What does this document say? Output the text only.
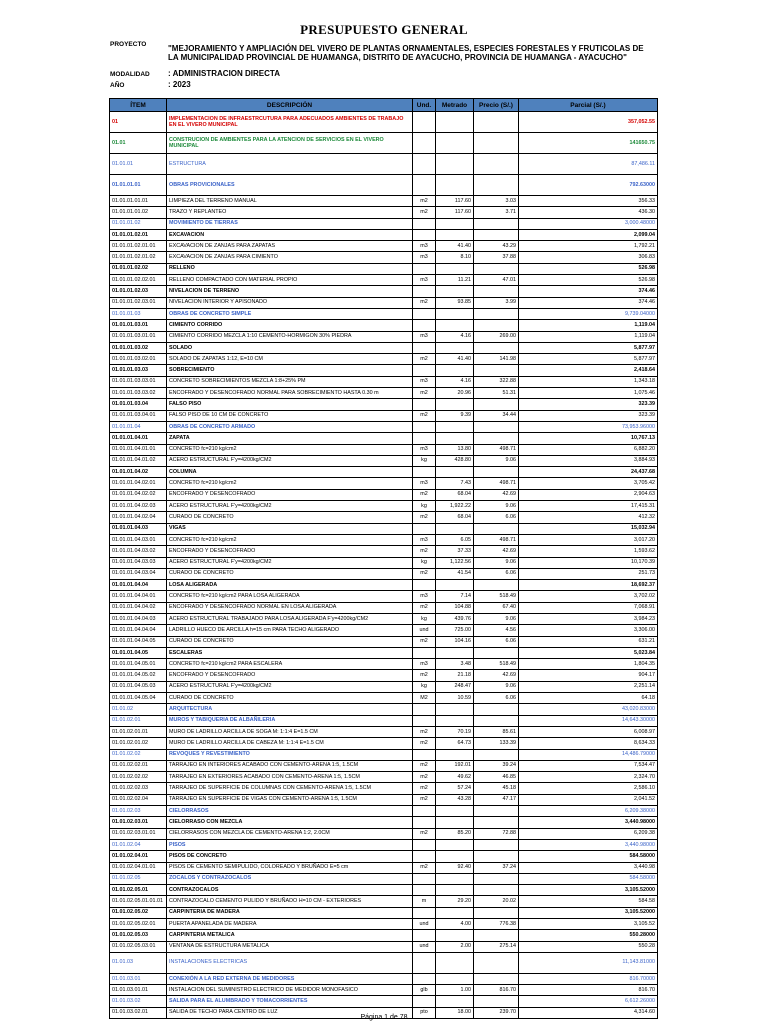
PRESUPUESTO GENERAL
PROYECTO	"MEJORAMIENTO Y AMPLIACIÓN DEL VIVERO DE PLANTAS ORNAMENTALES, ESPECIES FORESTALES Y FRUTICOLAS DE LA MUNICIPALIDAD PROVINCIAL DE HUAMANGA, DISTRITO DE AYACUCHO, PROVINCIA DE HUAMANGA - AYACUCHO"
MODALIDAD : ADMINISTRACION DIRECTA
AÑO	: 2023
ÍTEM	DESCRIPCIÓN	Und.	Metrado	Precio (S/.)	Parcial (S/.)
01	IMPLEMENTACION DE INFRAESTRCUTURA PARA ADECUADOS AMBIENTES DE TRABAJO EN EL VIVERO MUNICIPAL				357,052.55
01.01	CONSTRUCION DE AMBIENTES PARA LA ATENCION DE SERVICIOS EN EL VIVERO MUNICIPAL				141650.75
01.01.01	ESTRUCTURA				87,486.11
01.01.01.01	OBRAS PROVICIONALES				792.63000
01.01.01.01.01	LIMPIEZA DEL TERRENO MANUAL	m2	117.60	3.03	356.33
01.01.01.01.02	TRAZO Y REPLANTEO	m2	117.60	3.71	436.30
01.01.01.02	MOVIMIENTO DE TIERRAS				3,000.48000
01.01.01.02.01	EXCAVACION				2,099.04
01.01.01.02.01.01	EXCAVACION DE ZANJAS PARA ZAPATAS	m3	41.40	43.29	1,792.21
01.01.01.02.01.02	EXCAVACION DE ZANJAS PARA CIMIENTO	m3	8.10	37.88	306.83
01.01.01.02.02	RELLENO				526.98
01.01.01.02.02.01	RELLENO COMPACTADO CON MATERIAL PROPIO	m3	11.21	47.01	526.98
01.01.01.02.03	NIVELACION DE TERRENO				374.46
01.01.01.02.03.01	NIVELACION INTERIOR Y APISONADO	m2	93.85	3.99	374.46
01.01.01.03	OBRAS DE CONCRETO SIMPLE				9,739.04000
01.01.01.03.01	CIMIENTO CORRIDO				1,119.04
01.01.01.03.01.01	CIMIENTO CORRIDO MEZCLA 1:10 CEMENTO-HORMIGON 30% PIEDRA	m3	4.16	269.00	1,119.04
01.01.01.03.02	SOLADO				5,877.97
01.01.01.03.02.01	SOLADO DE ZAPATAS 1:12, E=10 CM	m2	41.40	141.98	5,877.97
01.01.01.03.03	SOBRECIMIENTO				2,418.64
01.01.01.03.03.01	CONCRETO SOBRECIMIENTOS MEZCLA 1:8+25% PM	m3	4.16	322.88	1,343.18
01.01.01.03.03.02	ENCOFRADO Y DESENCOFRADO NORMAL PARA SOBRECIMIENTO HASTA 0.30 m	m2	20.96	51.31	1,075.46
01.01.01.03.04	FALSO PISO				323.39
01.01.01.03.04.01	FALSO PISO DE 10 CM DE CONCRETO	m2	9.39	34.44	323.39
01.01.01.04	OBRAS DE CONCRETO ARMADO				73,953.96000
01.01.01.04.01	ZAPATA				10,767.13
01.01.01.04.01.01	CONCRETO fc=210 kg/cm2	m3	13.80	498.71	6,882.20
01.01.01.04.01.02	ACERO ESTRUCTURAL F'y=4200kg/CM2	kg	428.80	9.06	3,884.93
01.01.01.04.02	COLUMNA				24,437.68
01.01.01.04.02.01	CONCRETO fc=210 kg/cm2	m3	7.43	498.71	3,705.42
01.01.01.04.02.02	ENCOFRADO Y DESENCOFRADO	m2	68.04	42.69	2,904.63
01.01.01.04.02.03	ACERO ESTRUCTURAL F'y=4200kg/CM2	kg	1,922.22	9.06	17,415.31
01.01.01.04.02.04	CURADO DE CONCRETO	m2	68.04	6.06	412.32
01.01.01.04.03	VIGAS				15,032.94
01.01.01.04.03.01	CONCRETO fc=210 kg/cm2	m3	6.05	498.71	3,017.20
01.01.01.04.03.02	ENCOFRADO Y DESENCOFRADO	m2	37.33	42.69	1,593.62
01.01.01.04.03.03	ACERO ESTRUCTURAL F'y=4200kg/CM2	kg	1,122.56	9.06	10,170.39
01.01.01.04.03.04	CURADO DE CONCRETO	m2	41.54	6.06	251.73
01.01.01.04.04	LOSA ALIGERADA				18,692.37
01.01.01.04.04.01	CONCRETO fc=210 kg/cm2 PARA LOSA ALIGERADA	m3	7.14	518.49	3,702.02
01.01.01.04.04.02	ENCOFRADO Y DESENCOFRADO NORMAL EN LOSA ALIGERADA	m2	104.88	67.40	7,068.91
01.01.01.04.04.03	ACERO ESTRUCTURAL TRABAJADO PARA LOSA ALIGERADA F'y=4200kg/CM2	kg	439.76	9.06	3,984.23
01.01.01.04.04.04	LADRILLO HUECO DE ARCILLA h=15 cm PARA TECHO ALIGERADO	und	725.00	4.56	3,306.00
01.01.01.04.04.05	CURADO DE CONCRETO	m2	104.16	6.06	631.21
01.01.01.04.05	ESCALERAS				5,023.84
01.01.01.04.05.01	CONCRETO fc=210 kg/cm2 PARA ESCALERA	m3	3.48	518.49	1,804.35
01.01.01.04.05.02	ENCOFRADO Y DESENCOFRADO	m2	21.18	42.69	904.17
01.01.01.04.05.03	ACERO ESTRUCTURAL F'y=4200kg/CM2	kg	248.47	9.06	2,251.14
01.01.01.04.05.04	CURADO DE CONCRETO	M2	10.59	6.06	64.18
01.01.02	ARQUITECTURA				43,020.83000
01.01.02.01	MUROS Y TABIQUERIA DE ALBAÑILERIA				14,643.30000
01.01.02.01.01	MURO DE LADRILLO ARCILLA DE SOGA M: 1:1:4 E=1.5 CM	m2	70.19	85.61	6,008.97
01.01.02.01.02	MURO DE LADRILLO ARCILLA DE CABEZA M: 1:1:4 E=1.5 CM	m2	64.73	133.39	8,634.33
01.01.02.02	REVOQUES Y REVESTIMIENTO				14,486.79000
01.01.02.02.01	TARRAJEO EN INTERIORES ACABADO CON CEMENTO-ARENA 1:5, 1.5CM	m2	192.01	39.24	7,534.47
01.01.02.02.02	TARRAJEO EN EXTERIORES ACABADO CON CEMENTO-ARENA 1:5, 1.5CM	m2	49.62	46.85	2,324.70
01.01.02.02.03	TARRAJEO DE SUPERFICIE DE COLUMNAS CON CEMENTO-ARENA 1:5, 1.5CM	m2	57.24	45.18	2,586.10
01.01.02.02.04	TARRAJEO EN SUPERFICIE DE VIGAS CON CEMENTO-ARENA 1:5, 1.5CM	m2	43.28	47.17	2,041.52
01.01.02.03	CIELORRASOS				6,209.38000
01.01.02.03.01	CIELORRASO CON MEZCLA				3,440.98000
01.01.02.03.01.01	CIELORRASOS CON MEZCLA DE CEMENTO-ARENA 1:2, 2.0CM	m2	85.20	72.88	6,209.38
01.01.02.04	PISOS				3,440.98000
01.01.02.04.01	PISOS DE CONCRETO				584.58000
01.01.02.04.01.01	PISOS DE CEMENTO SEMIPULIDO, COLOREADO Y BRUÑADO E=5 cm	m2	92.40	37.24	3,440.98
01.01.02.05	ZOCALOS Y CONTRAZOCALOS				584.58000
01.01.02.05.01	CONTRAZOCALOS				3,105.52000
01.01.02.05.01.01.01	CONTRAZOCALO CEMENTO PULIDO Y BRUÑADO H=10 CM - EXTERIORES	m	29.20	20.02	584.58
01.01.02.05.02	CARPINTERIA DE MADERA				3,105.52000
01.01.02.05.02.01	PUERTA APANELADA DE MADERA	und	4.00	776.38	3,105.52
01.01.02.05.03	CARPINTERIA METALICA				550.28000
01.01.02.05.03.01	VENTANA DE ESTRUCTURA METALICA	und	2.00	275.14	550.28
01.01.03	INSTALACIONES ELECTRICAS				11,143.81000
01.01.03.01	CONEXIÓN A LA RED EXTERNA DE MEDIDORES				816.70000
01.01.03.01.01	INSTALACION DEL SUMINISTRO ELECTRICO DE MEDIDOR MONOFASICO	glb	1.00	816.70	816.70
01.01.03.02	SALIDA PARA EL ALUMBRADO Y TOMACORRIENTES				6,612.26000
01.01.03.02.01	SALIDA DE TECHO PARA CENTRO DE LUZ	pto	18.00	239.70	4,314.60
Página 1 de 78
